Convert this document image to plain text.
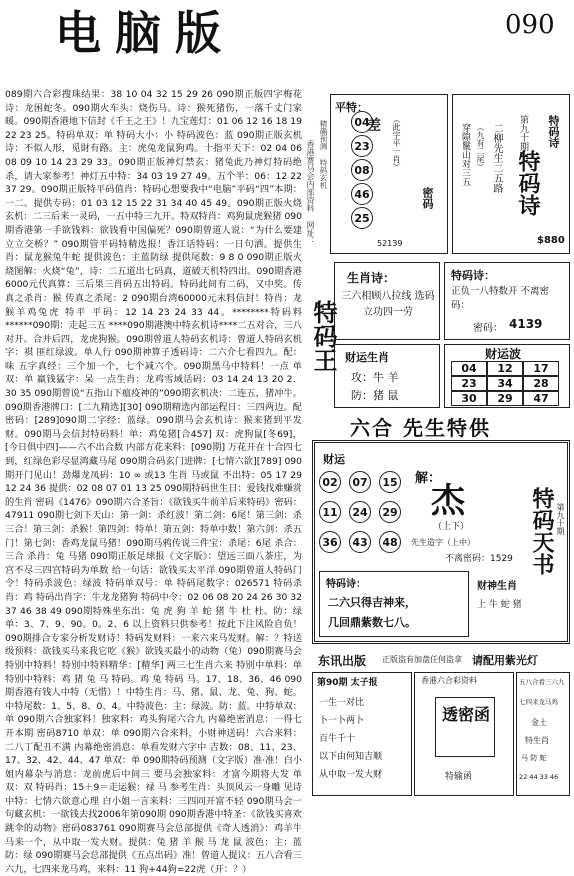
电脑版	090
089期六合彩搜珠结果：38 10 04 32 15 29 26 090期正版四字梅花诗：龙困蛇冬。090期火车头：烧伤马。诗：猴死猪伤，一落千丈门家暖。090期香港地下信封《千王之王》！九宝莲灯：01 06 12 16 18 19 22 23 25。特码单双：单 特码大小：小 特码波色：蓝 090期正版玄机诗：不似人形，觅財有路。主：虎兔龙鼠狗鸡。十指平天下：02 04 06 08 09 10 14 23 29 33。090期正版神灯禁玄：猪兔此乃神灯特码绝杀，请大家参考！神灯五中特：34 03 19 27 49。五个半：06：12 22 37 29。090期正版特平码值肖：特码心想要我中“电脑”平码“四”本期：一二。提供专码：01 03 12 15 22 31 34 40 45 49。090期正版火烧玄机：二三后来一灵码，一五中特三九开。特双特肖：鸡狗鼠虎猴猪 090期香港第一手欲钱料：欲钱看中国偏死？090期曾道人说：“为什么要建立立交桥？” 090期管平码特精选报！香江话特码：一日句洒。提供生肖：鼠龙猴兔牛蛇 提供波色：主蓝防绿 提供尾数：9 8 0 090期正版火烧图解：火烧“兔”，诗：二五道出七码真，道破天机特四出。090期香港6000元代真算：三后果三肖码五出特码。特码此间有二码，又中奖。传真之杀肖：猴 传真之杀尾：2 090期台湾60000元末料信封！特肖：龙猴羊鸡兔虎 特平 平码：12 14 23 24 33 44。********特码料******090期：走起三五 ****090期港澳中特玄机诗****二五对合，三八对开。合并后四，龙虎狗猴。090期曾道人特码玄机诗：曾道人特码玄机字：祺 匪红绿波。单人行 090期神算子透码诗：二六介七看四九。配：味 五字真经：三个加一个，七个减六个。090期黑马中特料！一点 单双：单 羸钱猛字：呆 一点生肖：龙鸡雪域话码：03 14 24 13 20 2．30 35 090期曾说“五指山下瘟疫神的”090期玄机决：二连五，猪冲牛。090期香港牌口：[二九精选][30] 090期精选内部运程日：三四两边。配密码：[289]090期二字经：蓝绿。090期马会玄机诗：猴来猪到平发财。090期马会信封特码料！单：鸡兔猪[合457] 双：虎狗鼠[冬69]，[今日俱中四]——六不出合数 内部方花来料：[090期] 万花开在十合四七到，红绿色彩尽显鸿藏马尾 090期合码玄门进牌：[七情六欲][789] 090期开门见山！劲爆龙凤码：10 ∞ 或13 生肖 马或鼠 不出特：05 17 29 12 24 36 提供：02 08 07 01 13 25 090期特码世生日：爱钱找难赚赏的生肖 密码《1476》090期六合圣旨：《欲钱买牛前羊后来特码》密码：47911 090期七剑下天山：第一剑：杀红波！第二剑：6尾！第三剑：杀三合！第三剑：杀猴！第四剑：特单！第五剑：特单中数！第六剑：杀五门！第七剑：香鸡龙鼠马猪！090期马鸦传说三件宝：杀尾：6尾 杀合：三合 杀肖：兔 马猪 090期正版足球报《文字版》：望远三面八茶庄，为宫不尽三四宫特码为单数 给一句话：欲钱买太平洋 090期曾道人特码门令！特码杀波色：绿波 特码单双号：单 特码尾数字：026571 特码杀肖：鸡 特码出肖字：牛龙龙猪狗 特码中令：02 06 08 20 24 26 30 32 37 46 38 49 090期特殊坐东出：兔 虎 狗 羊 蛇 猪 牛 杜 杜。防：绿单：3、7、9、90。0。2、6 以上资料只供参考！按此下注风险自负！090期排合专家分析发财诗！特码发财料：一来六来马发财。解：？特送级预料：欲钱买马来我它吃《猴》欲钱买最小的动物（兔）090期赛马会特别中特料！特别中特料精华：[精华] 两三七生肖六来 特别中单料：单 特别中特料：鸡 猪 兔 马 特码。鸡 兔 特码 马。17、18、36、46 090期香港有钱人中特（无惜）！中特生肖：马、猪、鼠、龙、兔、狗、蛇。中特尾数：1、5、8、0、4。中特波色：主：绿波。防：蓝。中特单双：单 090期六合独家料！独家料：鸡头狗尾六合九 内幕绝密消息：一得七开本期 密码8710 单双：单 090期六合来料，小财神送码！六合来料：二八丁配丑不满 内幕绝密消息：单看发财六字中 吉数：08、11、23、17、32、42、44、47 单双：单 090期特码预测（文字版）准·准！白小姐内幕杂与消息：龙前虎后中间三 要马会独家料：才富今期将大发 单双：双 特码肖：15＋9＝走运猴：禄 马 参考生肖：头顶风云一身雕 见诗中特：七情六欲意心理 白小姐一言来料：三四同开富不轻 090期马会一句藏玄机：一欲钱去找2006年第090期 090期香港中特圣：《欲钱买喜欢跳伞的动物》密码083761 090期赛马会总部提供《奇人透消》：鸡羊牛马来一个，从中取一发大财。提供：兔 猪 羊 猴 马 龙 鼠 波色：主：蓝 防：绿 090期赛马会总部提供《五点出码》准！曾道人提议：五八合看三六九，七四来龙马鸡，来料：11 狗+44狗=22虎（开：？）
香港赛马会内部资料 网址： 精确预测 特码玄机
平特：
差 （此字平一肖）
密码
04
23
08
46
25
52139
特码诗
二柳先生二五路
（九有二尾）
穿隙鬣山对三五	第九十期
特码诗
$880
特码王
生肖诗：
三六相顾八拉线 选码立功四一劳
特码诗：
正负一八特数开 不离密码：
密码： 4139
财运生肖
攻：牛 羊
防：猪 鼠
财运波
04	12	17
23	34	28
30	29	47
六合 先生特供
财运
02	07	15
11	24	29
36	43	48
解：
杰
（上下）
先生造字（上中）
不离密码：1529
特码诗：
二六只得吉神来，
几回鼎紫数七八。
财神生肖
上 牛 蛇 猪
特码天书 第九十期
东讯出版 正版盗有加盘任何盗拿 请配用紫光灯
第90期 太子报
一生一对比
卜一卜两卜
百牛千十
以下由何知吉顺
从中取一发大财
香港六合彩资料
透密函
特输函
五八合看三六九
七四来龙马鸡
金土
特生肖
马 防 蛇
22 44 33 46
